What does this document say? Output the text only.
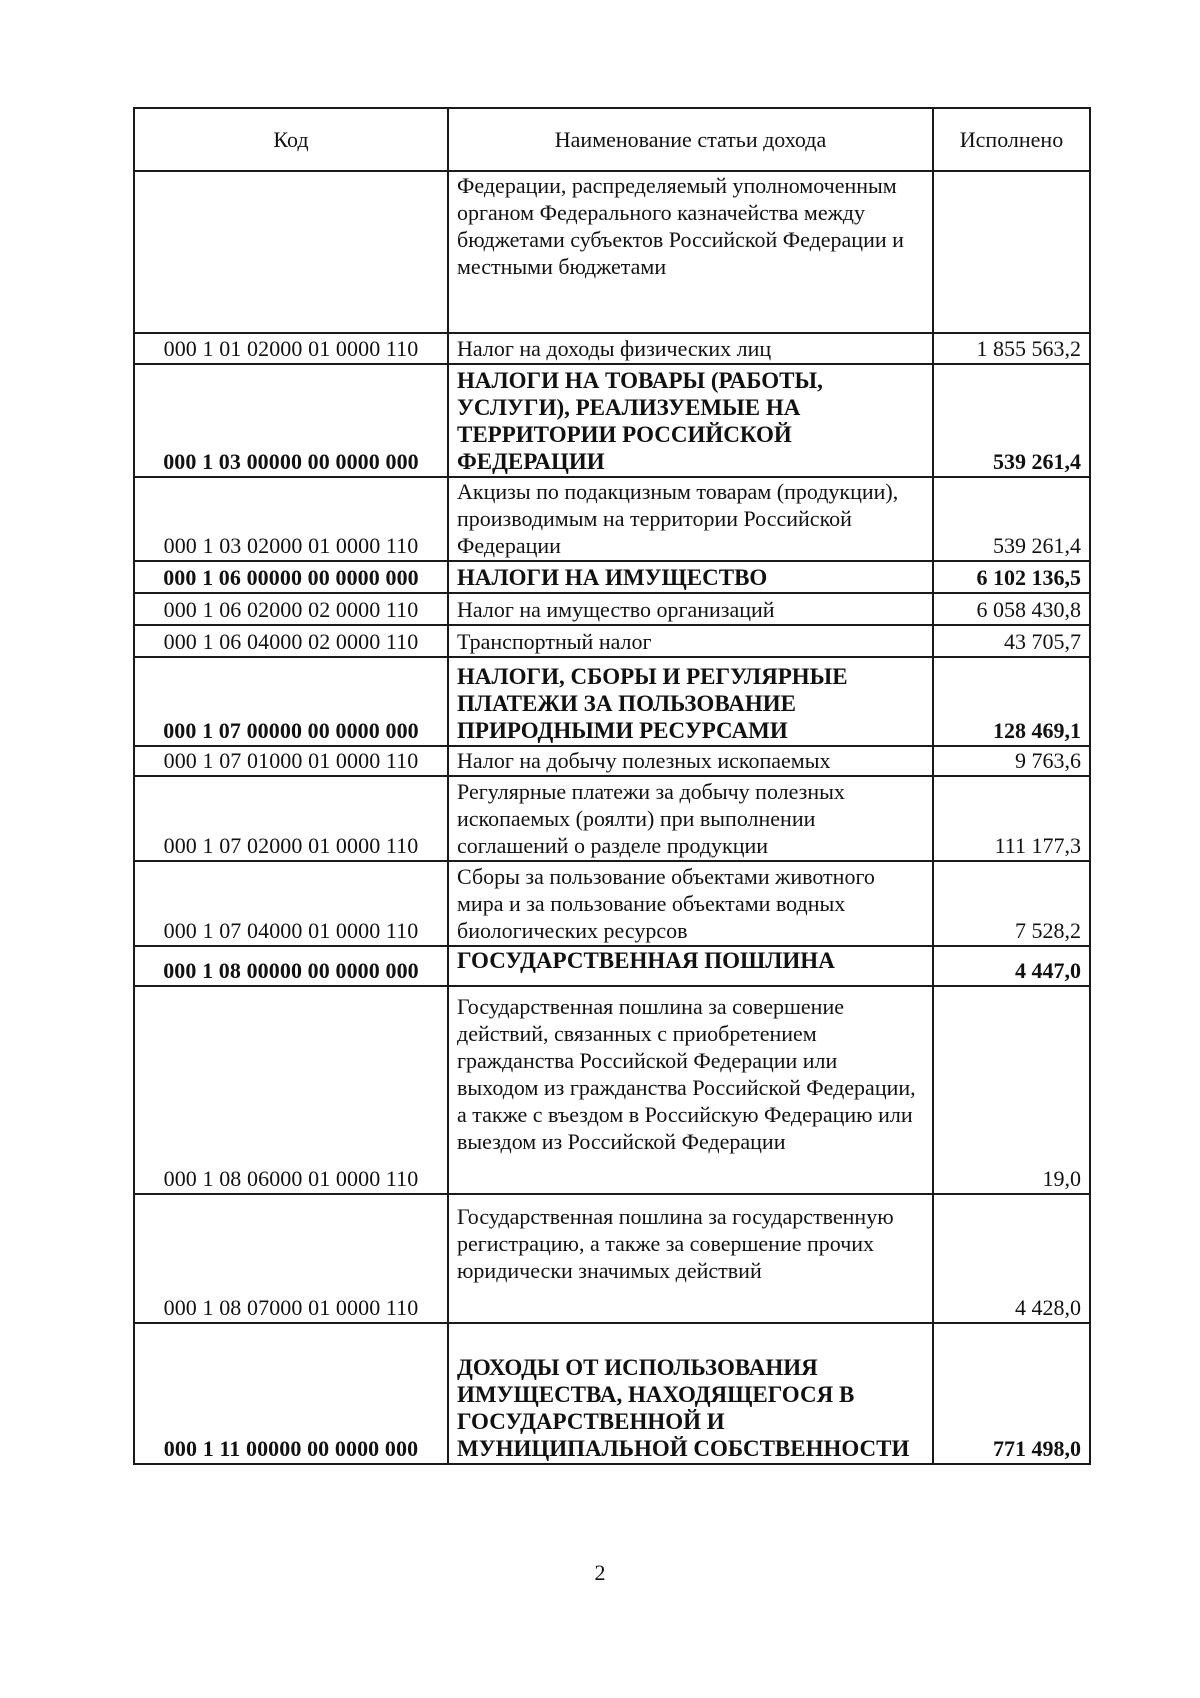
Код	Наименование статьи дохода	Исполнено
	Федерации, распределяемый уполномоченным органом Федерального казначейства между бюджетами субъектов Российской Федерации и местными бюджетами	
000 1 01 02000 01 0000 110	Налог на доходы физических лиц	1 855 563,2
000 1 03 00000 00 0000 000	НАЛОГИ НА ТОВАРЫ (РАБОТЫ, УСЛУГИ), РЕАЛИЗУЕМЫЕ НА ТЕРРИТОРИИ РОССИЙСКОЙ ФЕДЕРАЦИИ	539 261,4
000 1 03 02000 01 0000 110	Акцизы по подакцизным товарам (продукции), производимым на территории Российской Федерации	539 261,4
000 1 06 00000 00 0000 000	НАЛОГИ НА ИМУЩЕСТВО	6 102 136,5
000 1 06 02000 02 0000 110	Налог на имущество организаций	6 058 430,8
000 1 06 04000 02 0000 110	Транспортный налог	43 705,7
000 1 07 00000 00 0000 000	НАЛОГИ, СБОРЫ И РЕГУЛЯРНЫЕ ПЛАТЕЖИ ЗА ПОЛЬЗОВАНИЕ ПРИРОДНЫМИ РЕСУРСАМИ	128 469,1
000 1 07 01000 01 0000 110	Налог на добычу полезных ископаемых	9 763,6
000 1 07 02000 01 0000 110	Регулярные платежи за добычу полезных ископаемых (роялти) при выполнении соглашений о разделе продукции	111 177,3
000 1 07 04000 01 0000 110	Сборы за пользование объектами животного мира и за пользование объектами водных биологических ресурсов	7 528,2
000 1 08 00000 00 0000 000	ГОСУДАРСТВЕННАЯ ПОШЛИНА	4 447,0
000 1 08 06000 01 0000 110	Государственная пошлина за совершение действий, связанных с приобретением гражданства Российской Федерации или выходом из гражданства Российской Федерации, а также с въездом в Российскую Федерацию или выездом из Российской Федерации	19,0
000 1 08 07000 01 0000 110	Государственная пошлина за государственную регистрацию, а также за совершение прочих юридически значимых действий	4 428,0
000 1 11 00000 00 0000 000	ДОХОДЫ ОТ ИСПОЛЬЗОВАНИЯ ИМУЩЕСТВА, НАХОДЯЩЕГОСЯ В ГОСУДАРСТВЕННОЙ И МУНИЦИПАЛЬНОЙ СОБСТВЕННОСТИ	771 498,0
2
